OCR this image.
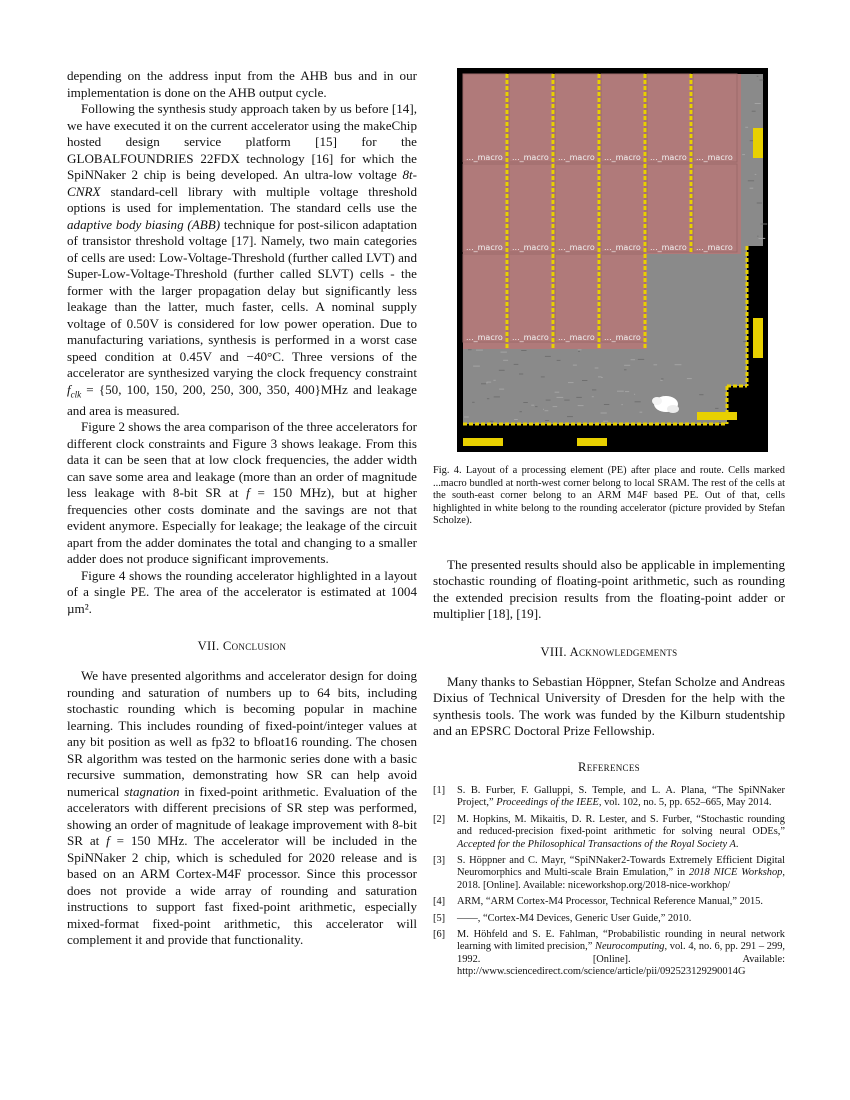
depending on the address input from the AHB bus and in our implementation is done on the AHB output cycle.

Following the synthesis study approach taken by us before [14], we have executed it on the current accelerator using the makeChip hosted design service platform [15] for the GLOBALFOUNDRIES 22FDX technology [16] for which the SpiNNaker 2 chip is being developed. An ultra-low voltage 8t-CNRX standard-cell library with multiple voltage threshold options is used for implementation. The standard cells use the adaptive body biasing (ABB) technique for post-silicon adaptation of transistor threshold voltage [17]. Namely, two main categories of cells are used: Low-Voltage-Threshold (further called LVT) and Super-Low-Voltage-Threshold (further called SLVT) cells - the former with the larger propagation delay but significantly less leakage than the latter, much faster, cells. A nominal supply voltage of 0.50V is considered for low power operation. Due to manufacturing variations, synthesis is performed in a worst case speed condition at 0.45V and −40°C. Three versions of the accelerator are synthesized varying the clock frequency constraint $f_{clk} = \{50$, 100, 150, 200, 250, 300, 350, 400}MHz and leakage and area is measured.

Figure 2 shows the area comparison of the three accelerators for different clock constraints and Figure 3 shows leakage. From this data it can be seen that at low clock frequencies, the adder width can save some area and leakage (more than an order of magnitude less leakage with 8-bit SR at f = 150 MHz), but at higher frequencies other costs dominate and the savings are not that evident anymore. Especially for leakage; the leakage of the circuit apart from the adder dominates the total and changing to a smaller adder does not produce significant improvements.

Figure 4 shows the rounding accelerator highlighted in a layout of a single PE. The area of the accelerator is estimated at 1004 µm².

VII. Conclusion

We have presented algorithms and accelerator design for doing rounding and saturation of numbers up to 64 bits, including stochastic rounding which is becoming popular in machine learning. This includes rounding of fixed-point/integer values at any bit position as well as fp32 to bfloat16 rounding. The chosen SR algorithm was tested on the harmonic series done with a basic recursive summation, demonstrating how SR can help avoid numerical stagnation in fixed-point arithmetic. Evaluation of the accelerators with different precisions of SR step was performed, showing an order of magnitude of leakage improvement with 8-bit SR at f = 150 MHz. The accelerator will be included in the SpiNNaker 2 chip, which is scheduled for 2020 release and is based on an ARM Cortex-M4F processor. Since this processor does not provide a wide array of rounding and saturation instructions to support fast fixed-point arithmetic, especially mixed-format fixed-point arithmetic, this accelerator will complement it and provide that functionality.

..._macro ..._macro ..._macro ..._macro ..._macro ..._macro
..._macro ..._macro ..._macro ..._macro ..._macro ..._macro
..._macro ..._macro ..._macro ..._macro
Fig. 4. Layout of a processing element (PE) after place and route. Cells marked ...macro bundled at north-west corner belong to local SRAM. The rest of the cells at the south-east corner belong to an ARM M4F based PE. Out of that, cells highlighted in white belong to the rounding accelerator (picture provided by Stefan Scholze).

The presented results should also be applicable in implementing stochastic rounding of floating-point arithmetic, such as rounding the extended precision results from the floating-point adder or multiplier [18], [19].

VIII. Acknowledgements

Many thanks to Sebastian Höppner, Stefan Scholze and Andreas Dixius of Technical University of Dresden for the help with the synthesis tools. The work was funded by the Kilburn studentship and an EPSRC Doctoral Prize Fellowship.

References
[1]	S. B. Furber, F. Galluppi, S. Temple, and L. A. Plana, “The SpiNNaker Project,” Proceedings of the IEEE, vol. 102, no. 5, pp. 652–665, May 2014.
[2]	M. Hopkins, M. Mikaitis, D. R. Lester, and S. Furber, “Stochastic rounding and reduced-precision fixed-point arithmetic for solving neural ODEs,” Accepted for the Philosophical Transactions of the Royal Society A.
[3]	S. Höppner and C. Mayr, “SpiNNaker2-Towards Extremely Efficient Digital Neuromorphics and Multi-scale Brain Emulation,” in 2018 NICE Workshop, 2018. [Online]. Available: niceworkshop.org/2018-nice-workhop/
[4]	ARM, “ARM Cortex-M4 Processor, Technical Reference Manual,” 2015.
[5]	——, “Cortex-M4 Devices, Generic User Guide,” 2010.
[6]	M. Höhfeld and S. E. Fahlman, “Probabilistic rounding in neural network learning with limited precision,” Neurocomputing, vol. 4, no. 6, pp. 291 – 299, 1992. [Online]. Available: http://www.sciencedirect.com/science/article/pii/092523129290014G
